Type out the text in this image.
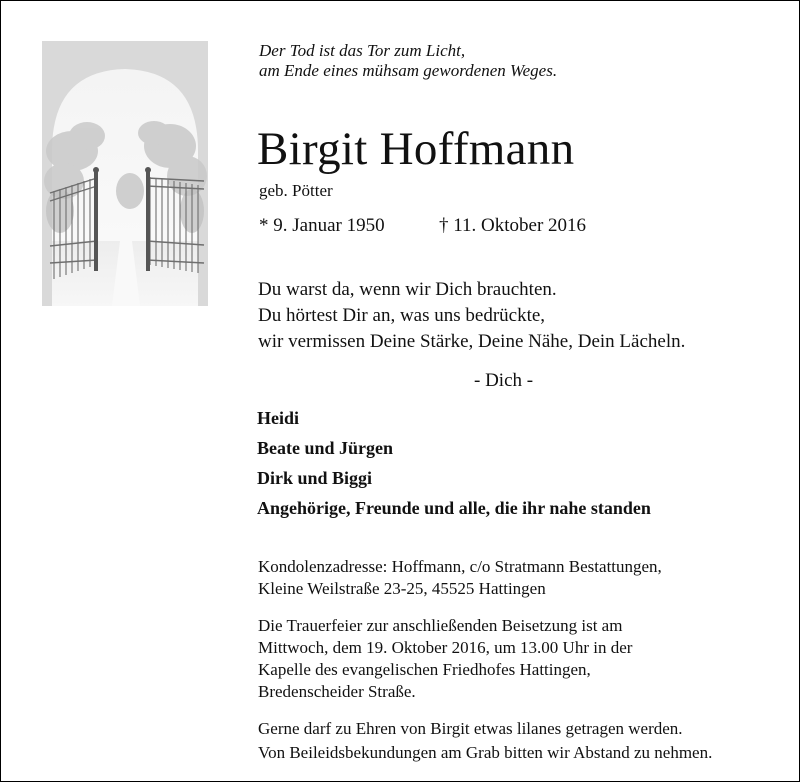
Der Tod ist das Tor zum Licht,
am Ende eines mühsam gewordenen Weges.
Birgit Hoffmann
geb. Pötter
* 9. Januar 1950	† 11. Oktober 2016
Du warst da, wenn wir Dich brauchten.
Du hörtest Dir an, was uns bedrückte,
wir vermissen Deine Stärke, Deine Nähe, Dein Lächeln.
- Dich -
Heidi
Beate und Jürgen
Dirk und Biggi
Angehörige, Freunde und alle, die ihr nahe standen
Kondolenzadresse: Hoffmann, c/o Stratmann Bestattungen,
Kleine Weilstraße 23-25, 45525 Hattingen
Die Trauerfeier zur anschließenden Beisetzung ist am
Mittwoch, dem 19. Oktober 2016, um 13.00 Uhr in der
Kapelle des evangelischen Friedhofes Hattingen,
Bredenscheider Straße.
Gerne darf zu Ehren von Birgit etwas lilanes getragen werden.
Von Beileidsbekundungen am Grab bitten wir Abstand zu nehmen.
